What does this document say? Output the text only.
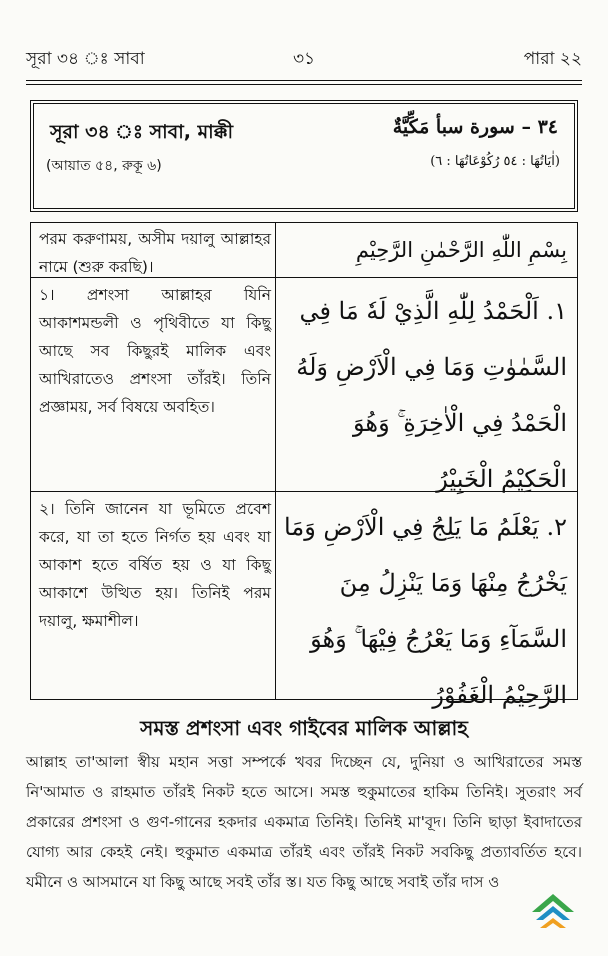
সূরা ৩৪ ঃ সাবা	৩১	পারা ২২
সূরা ৩৪ ঃ সাবা, মাক্কী
(আয়াত ৫৪, রুকূ ৬)
٣٤ – سورة سبأ مَكِّيَّةٌ
(اٰيَاتُهَا : ٥٤ رُكُوْعَاتُهَا : ٦)
পরম করুণাময়, অসীম দয়ালু আল্লাহর নামে (শুরু করছি)।
بِسْمِ اللّٰهِ الرَّحْمٰنِ الرَّحِيْمِ
১। প্রশংসা আল্লাহর যিনি আকাশমন্ডলী ও পৃথিবীতে যা কিছু আছে সব কিছুরই মালিক এবং আখিরাতেও প্রশংসা তাঁরই। তিনি প্রজ্ঞাময়, সর্ব বিষয়ে অবহিত।
١. اَلْحَمْدُ لِلّٰهِ الَّذِيْ لَهٗ مَا فِي السَّمٰوٰتِ وَمَا فِي الْاَرْضِ وَلَهُ الْحَمْدُ فِي الْاٰخِرَةِ ۚ وَهُوَ الْحَكِيْمُ الْخَبِيْرُ
২। তিনি জানেন যা ভূমিতে প্রবেশ করে, যা তা হতে নির্গত হয় এবং যা আকাশ হতে বর্ষিত হয় ও যা কিছু আকাশে উত্থিত হয়। তিনিই পরম দয়ালু, ক্ষমাশীল।
٢. يَعْلَمُ مَا يَلِجُ فِي الْاَرْضِ وَمَا يَخْرُجُ مِنْهَا وَمَا يَنْزِلُ مِنَ السَّمَآءِ وَمَا يَعْرُجُ فِيْهَا ۚ وَهُوَ الرَّحِيْمُ الْغَفُوْرُ
সমস্ত প্রশংসা এবং গাইবের মালিক আল্লাহ
আল্লাহ তা'আলা স্বীয় মহান সত্তা সম্পর্কে খবর দিচ্ছেন যে, দুনিয়া ও আখিরাতের সমস্ত নি'আমাত ও রাহমাত তাঁরই নিকট হতে আসে। সমস্ত হুকুমাতের হাকিম তিনিই। সুতরাং সর্ব প্রকারের প্রশংসা ও গুণ-গানের হকদার একমাত্র তিনিই। তিনিই মা'বূদ। তিনি ছাড়া ইবাদাতের যোগ্য আর কেহই নেই। হুকুমাত একমাত্র তাঁরই এবং তাঁরই নিকট সবকিছু প্রত্যাবর্তিত হবে। যমীনে ও আসমানে যা কিছু আছে সবই তাঁর স্ত। যত কিছু আছে সবাই তাঁর দাস ও
